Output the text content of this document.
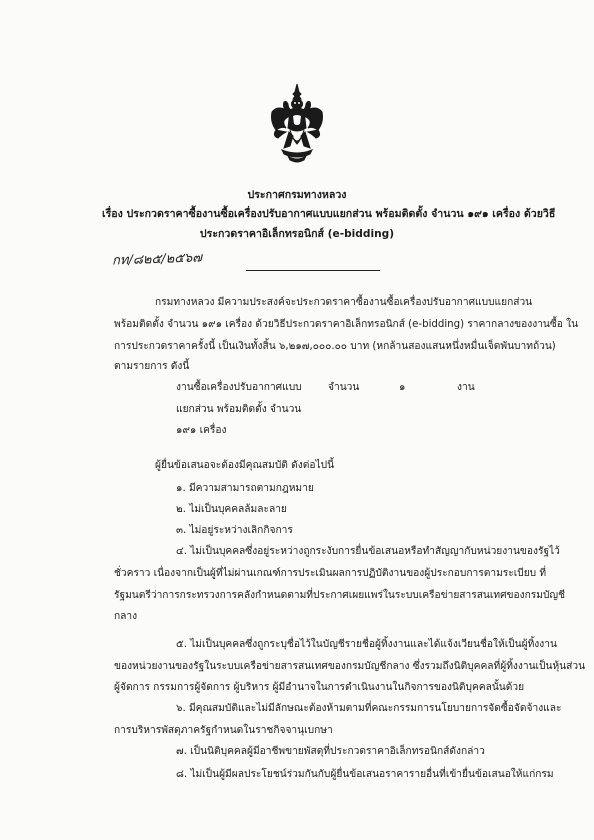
ประกาศกรมทางหลวง
เรื่อง ประกวดราคาซื้องานซื้อเครื่องปรับอากาศแบบแยกส่วน พร้อมติดตั้ง จำนวน ๑๙๑ เครื่อง ด้วยวิธี
ประกวดราคาอิเล็กทรอนิกส์ (e-bidding)
กท/๘๒๕/๒๕๖๗
กรมทางหลวง มีความประสงค์จะประกวดราคาซื้องานซื้อเครื่องปรับอากาศแบบแยกส่วน
พร้อมติดตั้ง จำนวน ๑๙๑ เครื่อง ด้วยวิธีประกวดราคาอิเล็กทรอนิกส์ (e-bidding) ราคากลางของงานซื้อ ใน
การประกวดราคาครั้งนี้ เป็นเงินทั้งสิ้น ๖,๒๑๗,๐๐๐.๐๐ บาท (หกล้านสองแสนหนึ่งหมื่นเจ็ดพันบาทถ้วน)
ตามรายการ ดังนี้
งานซื้อเครื่องปรับอากาศแบบ	จำนวน	๑	งาน
แยกส่วน พร้อมติดตั้ง จำนวน
๑๙๑ เครื่อง
ผู้ยื่นข้อเสนอจะต้องมีคุณสมบัติ ดังต่อไปนี้
๑. มีความสามารถตามกฎหมาย
๒. ไม่เป็นบุคคลล้มละลาย
๓. ไม่อยู่ระหว่างเลิกกิจการ
๔. ไม่เป็นบุคคลซึ่งอยู่ระหว่างถูกระงับการยื่นข้อเสนอหรือทำสัญญากับหน่วยงานของรัฐไว้
ชั่วคราว เนื่องจากเป็นผู้ที่ไม่ผ่านเกณฑ์การประเมินผลการปฏิบัติงานของผู้ประกอบการตามระเบียบ ที่
รัฐมนตรีว่าการกระทรวงการคลังกำหนดตามที่ประกาศเผยแพร่ในระบบเครือข่ายสารสนเทศของกรมบัญชี
กลาง
๕. ไม่เป็นบุคคลซึ่งถูกระบุชื่อไว้ในบัญชีรายชื่อผู้ทิ้งงานและได้แจ้งเวียนชื่อให้เป็นผู้ทิ้งงาน
ของหน่วยงานของรัฐในระบบเครือข่ายสารสนเทศของกรมบัญชีกลาง ซึ่งรวมถึงนิติบุคคลที่ผู้ทิ้งงานเป็นหุ้นส่วน
ผู้จัดการ กรรมการผู้จัดการ ผู้บริหาร ผู้มีอำนาจในการดำเนินงานในกิจการของนิติบุคคลนั้นด้วย
๖. มีคุณสมบัติและไม่มีลักษณะต้องห้ามตามที่คณะกรรมการนโยบายการจัดซื้อจัดจ้างและ
การบริหารพัสดุภาครัฐกำหนดในราชกิจจานุเบกษา
๗. เป็นนิติบุคคลผู้มีอาชีพขายพัสดุที่ประกวดราคาอิเล็กทรอนิกส์ดังกล่าว
๘. ไม่เป็นผู้มีผลประโยชน์ร่วมกันกับผู้ยื่นข้อเสนอราคารายอื่นที่เข้ายื่นข้อเสนอให้แก่กรม
